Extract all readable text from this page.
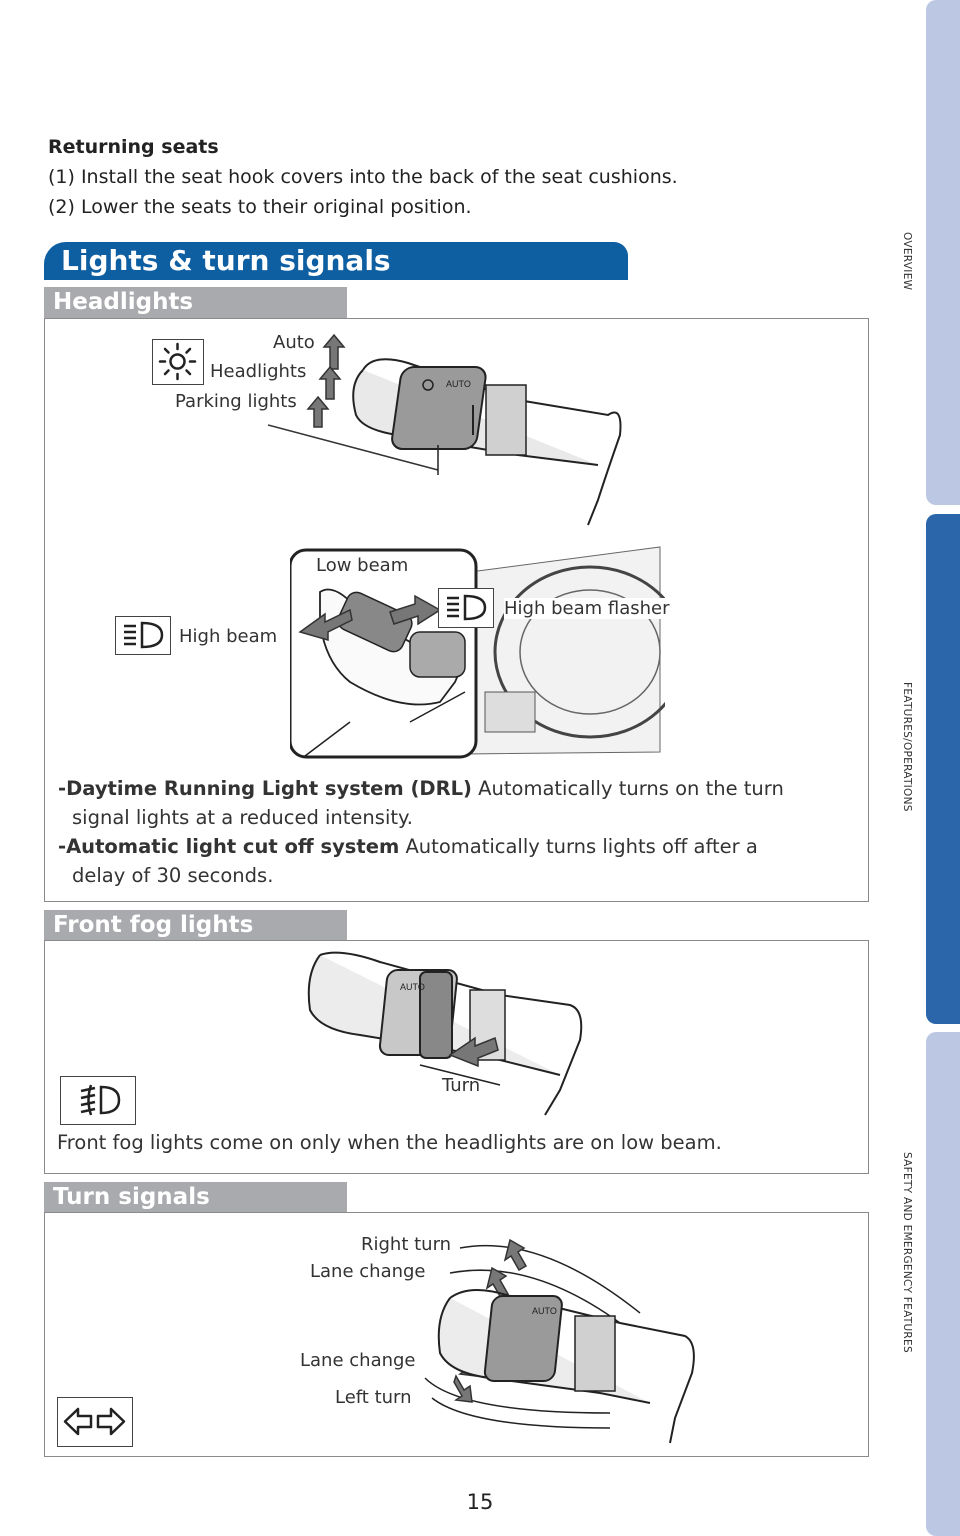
OVERVIEW
FEATURES/OPERATIONS
SAFETY AND EMERGENCY FEATURES
Returning seats
(1) Install the seat hook covers into the back of the seat cushions.
(2) Lower the seats to their original position.
Lights & turn signals
Headlights
Auto
Headlights
Parking lights
AUTO
Low beam
High beam flasher
High beam
-Daytime Running Light system (DRL) Automatically turns on the turn
signal lights at a reduced intensity.
-Automatic light cut off system Automatically turns lights off after a
delay of 30 seconds.
Front fog lights
AUTO
Turn
Front fog lights come on only when the headlights are on low beam.
Turn signals
AUTO
Right turn
Lane change
Lane change
Left turn
15
